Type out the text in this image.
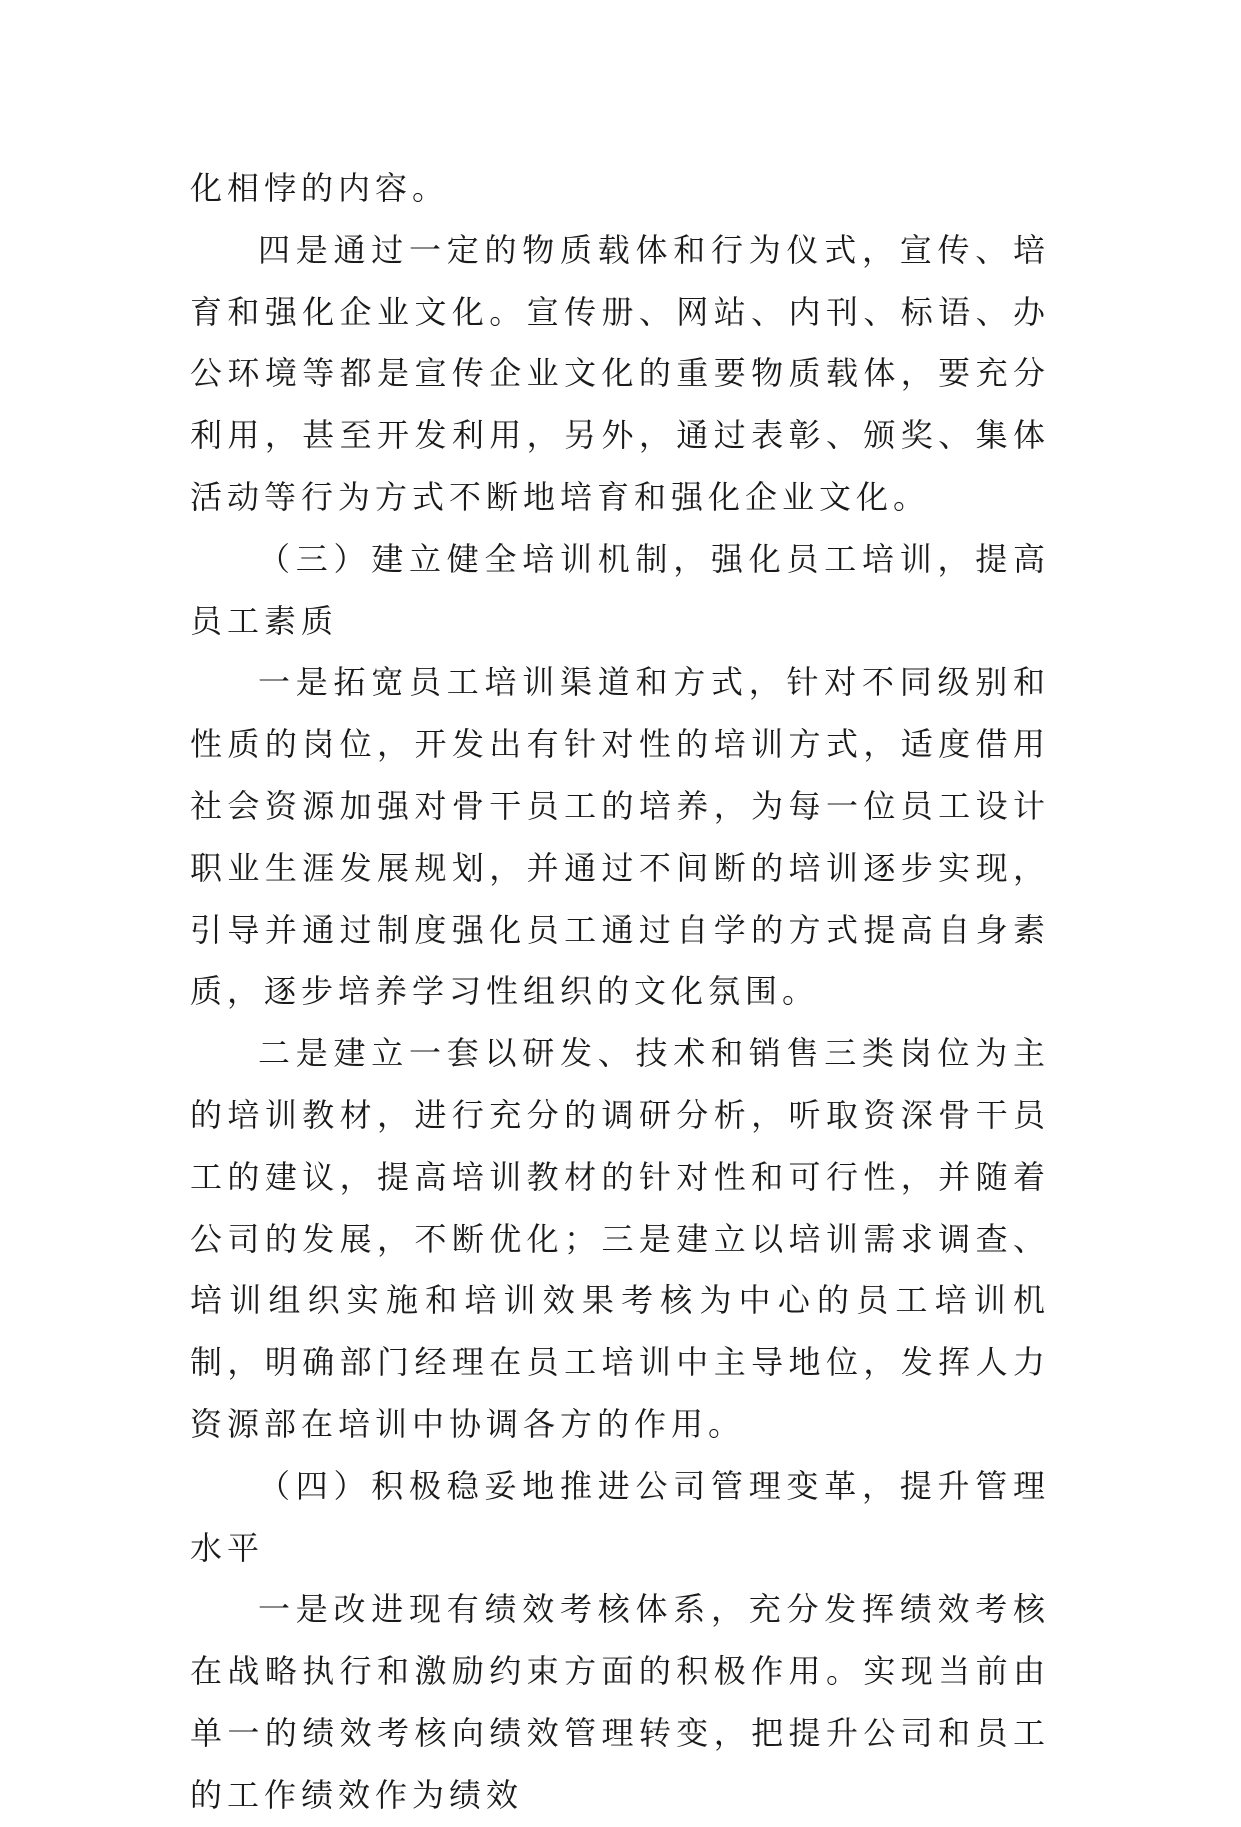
化相悖的内容。

四是通过一定的物质载体和行为仪式，宣传、培育和强化企业文化。宣传册、网站、内刊、标语、办公环境等都是宣传企业文化的重要物质载体，要充分利用，甚至开发利用，另外，通过表彰、颁奖、集体活动等行为方式不断地培育和强化企业文化。

（三）建立健全培训机制，强化员工培训，提高员工素质

一是拓宽员工培训渠道和方式，针对不同级别和性质的岗位，开发出有针对性的培训方式，适度借用社会资源加强对骨干员工的培养，为每一位员工设计职业生涯发展规划，并通过不间断的培训逐步实现，引导并通过制度强化员工通过自学的方式提高自身素质，逐步培养学习性组织的文化氛围。

二是建立一套以研发、技术和销售三类岗位为主的培训教材，进行充分的调研分析，听取资深骨干员工的建议，提高培训教材的针对性和可行性，并随着公司的发展，不断优化；三是建立以培训需求调查、培训组织实施和培训效果考核为中心的员工培训机制，明确部门经理在员工培训中主导地位，发挥人力资源部在培训中协调各方的作用。

（四）积极稳妥地推进公司管理变革，提升管理水平

一是改进现有绩效考核体系，充分发挥绩效考核在战略执行和激励约束方面的积极作用。实现当前由单一的绩效考核向绩效管理转变，把提升公司和员工的工作绩效作为绩效
